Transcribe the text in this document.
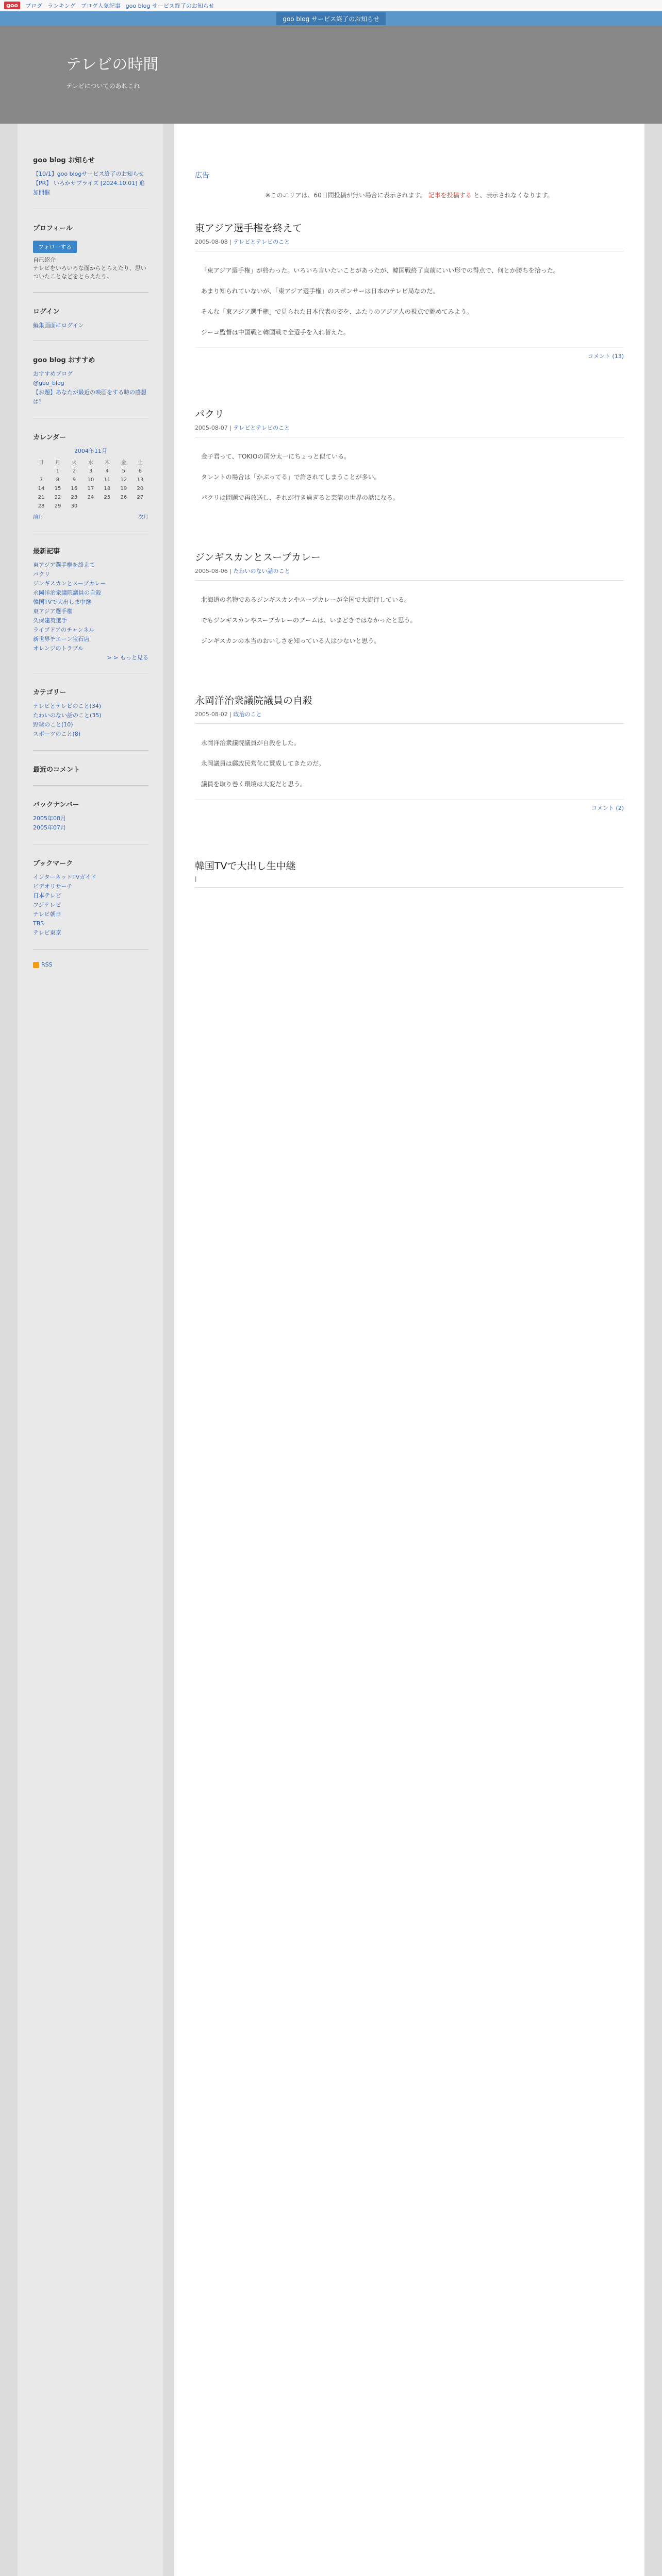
goo	ブログ ランキング ブログ人気記事 goo blog サービス終了のお知らせ
goo blog サービス終了のお知らせ
テレビの時間

テレビについてのあれこれ

goo blog お知らせ
【10/1】goo blogサービス終了のお知らせ
【PR】 いろかサプライズ [2024.10.01] 追加開催
プロフィール
フォローする
自己紹介
テレビをいろいろな面からとらえたり、思いついたことなどをとらえたり。
ログイン
編集画面にログイン
goo blog おすすめ
おすすめブログ
@goo_blog
【お題】あなたが最近の映画をする時の感想は？
カレンダー
2004年11月
日	月	火	水	木	金	土
	1	2	3	4	5	6
7	8	9	10	11	12	13
14	15	16	17	18	19	20
21	22	23	24	25	26	27
28	29	30				
前月	次月
最新記事
東アジア選手権を終えて
パクリ
ジンギスカンとスープカレー
永岡洋治衆議院議員の自殺
韓国TVで大出しま中継
東アジア選手権
久保建英選手
ライブドアのチャンネル
新世界チエーン宝石店
オレンジのトラブル
> > もっと見る
カテゴリー
テレビとテレビのこと(34)
たわいのない話のこと(35)
野球のこと(10)
スポーツのこと(8)
最近のコメント
バックナンバー
2005年08月
2005年07月
ブックマーク
インターネットTVガイド
ビデオリサーチ
日本テレビ
フジテレビ
テレビ朝日
TBS
テレビ東京
RSS
広告

※このエリアは、60日間投稿が無い場合に表示されます。 記事を投稿する と、表示されなくなります。

東アジア選手権を終えて
2005-08-08 | テレビとテレビのこと

「東アジア選手権」が終わった。いろいろ言いたいことがあったが、韓国戦終了直前にいい形での得点で、何とか勝ちを拾った。

あまり知られていないが、「東アジア選手権」のスポンサーは日本のテレビ局なのだ。

そんな「東アジア選手権」で見られた日本代表の姿を、ふたりのアジア人の視点で眺めてみよう。

ジーコ監督は中国戦と韓国戦で全選手を入れ替えた。

コメント (13)
パクリ
2005-08-07 | テレビとテレビのこと

金子君って、TOKIOの国分太一にちょっと似ている。

タレントの場合は「かぶってる」で許されてしまうことが多い。

パクリは問題で再放送し、それが行き過ぎると芸能の世界の話になる。

ジンギスカンとスープカレー
2005-08-06 | たわいのない話のこと

北海道の名物であるジンギスカンやスープカレーが全国で大流行している。

でもジンギスカンやスープカレーのブームは、いまどきではなかったと思う。

ジンギスカンの本当のおいしさを知っている人は少ないと思う。

永岡洋治衆議院議員の自殺
2005-08-02 | 政治のこと

永岡洋治衆議院議員が自殺をした。

永岡議員は郵政民営化に賛成してきたのだ。

議員を取り巻く環境は大変だと思う。

コメント (2)
韓国TVで大出し生中継
|
